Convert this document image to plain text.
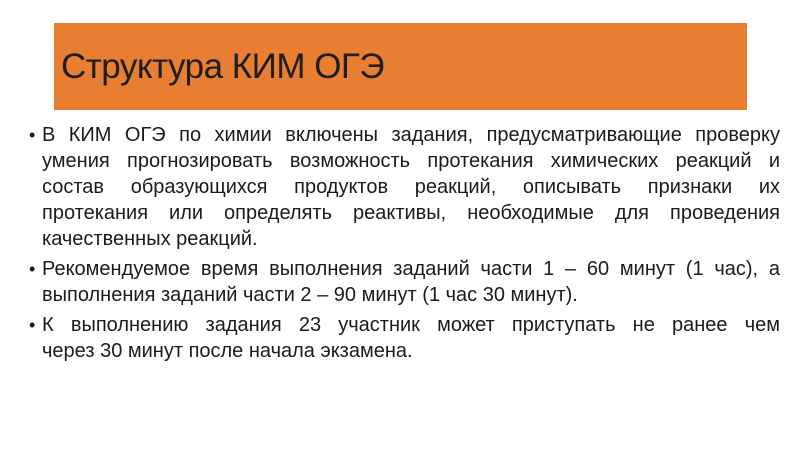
Структура КИМ ОГЭ
• В КИМ ОГЭ по химии включены задания, предусматривающие проверку
умения прогнозировать возможность протекания химических реакций и
состав образующихся продуктов реакций, описывать признаки их
протекания или определять реактивы, необходимые для проведения
качественных реакций.
• Рекомендуемое время выполнения заданий части 1 – 60 минут (1 час), а
выполнения заданий части 2 – 90 минут (1 час 30 минут).
• К выполнению задания 23 участник может приступать не ранее чем
через 30 минут после начала экзамена.
